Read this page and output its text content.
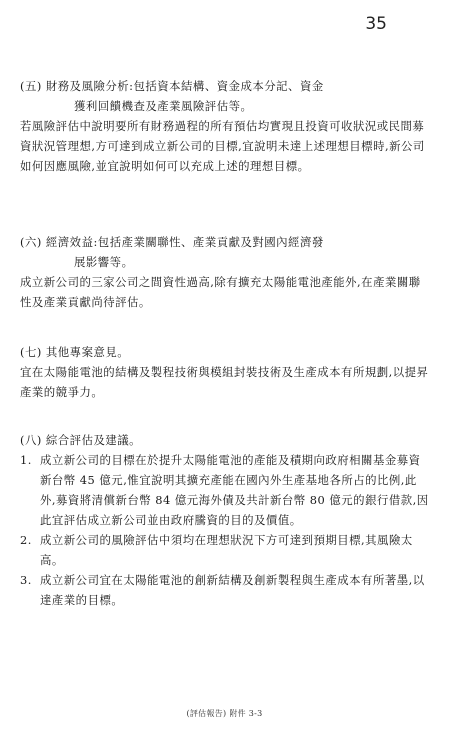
35
(五) 財務及風險分析:包括資本結構、資金成本分記、資金
獲利回饋機查及產業風險評估等。
若風險評估中說明要所有財務過程的所有預估均實現且投資可收狀況或民間募資狀況管理想,方可達到成立新公司的目標,宜說明未達上述理想目標時,新公司如何因應風險,並宜說明如何可以充成上述的理想目標。
(六) 經濟效益:包括產業關聯性、產業貢獻及對國內經濟發
展影響等。
成立新公司的三家公司之間資性過高,除有擴充太陽能電池產能外,在產業關聯性及產業貢獻尚待評估。
(七) 其他專案意見。
宜在太陽能電池的結構及製程技術與模組封裝技術及生產成本有所規劃,以提昇產業的競爭力。
(八) 綜合評估及建議。
1. 成立新公司的目標在於提升太陽能電池的產能及積期向政府相關基金募資新台幣 45 億元,惟宜說明其擴充產能在國內外生產基地各所占的比例,此外,募資將清償新台幣 84 億元海外債及共計新台幣 80 億元的銀行借款,因此宜評估成立新公司並由政府騰資的目的及價值。
2. 成立新公司的風險評估中須均在理想狀況下方可達到預期目標,其風險太高。
3. 成立新公司宜在太陽能電池的創新結構及創新製程與生產成本有所著墨,以達產業的目標。
(評估報告) 附件 3-3
